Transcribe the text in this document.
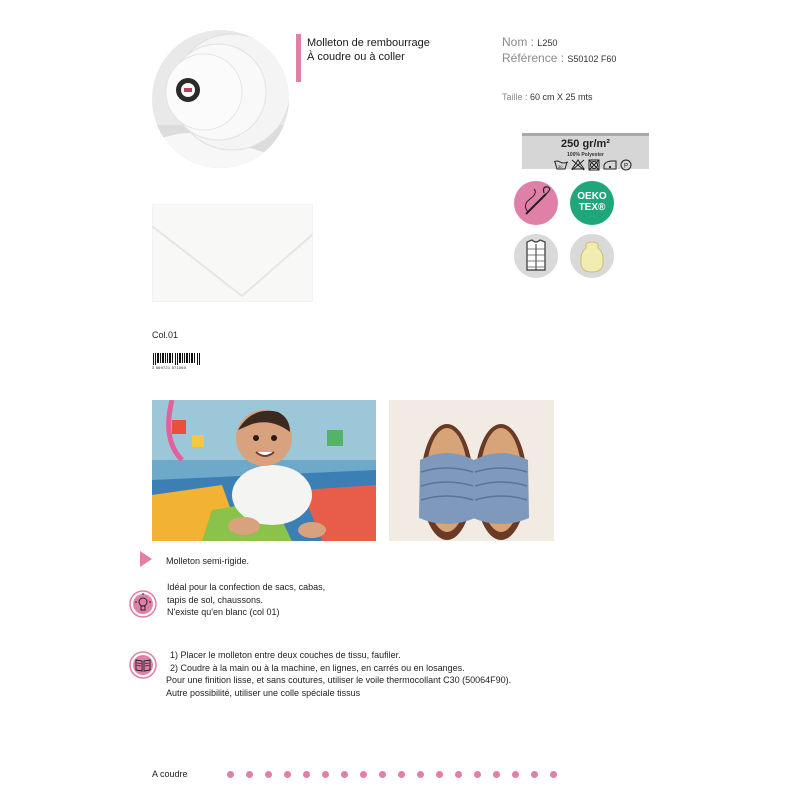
Molleton de rembourrage
À coudre ou à coller
Nom : L250
Référence : S50102 F60
Taille : 60 cm X 25 mts
250 gr/m²
100% Polyester
30	P
OEKO
TEX®
Col.01
3 569721 571060
Molleton semi-rigide.
Idéal pour la confection de sacs, cabas,
tapis de sol, chaussons.
N'existe qu'en blanc (col 01)
1) Placer le molleton entre deux couches de tissu, faufiler.
2) Coudre à la main ou à la machine, en lignes, en carrés ou en losanges.
Pour une finition lisse, et sans coutures, utiliser le voile thermocollant C30 (50064F90).
Autre possibilité, utiliser une colle spéciale tissus
A coudre
